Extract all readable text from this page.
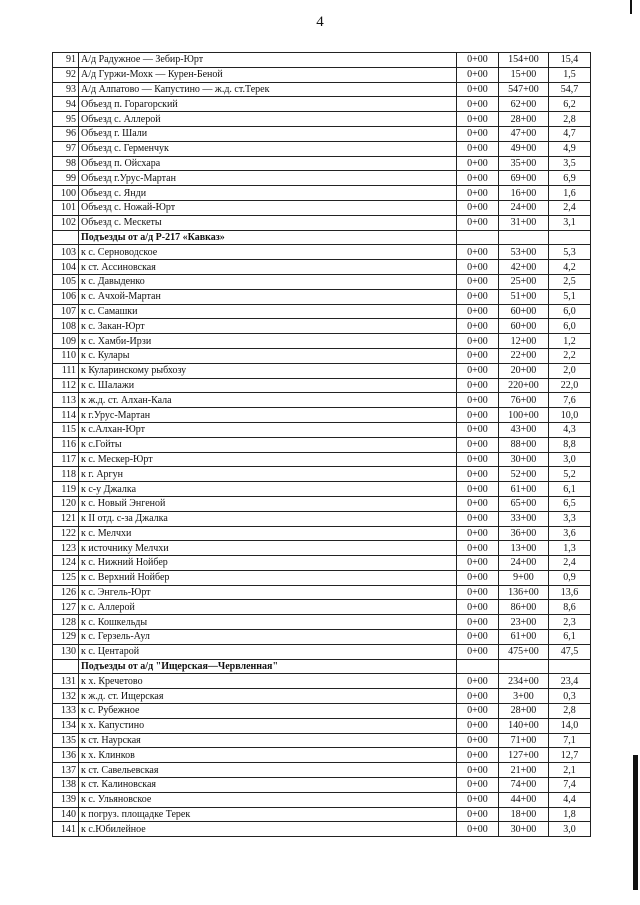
4
91	А/д Радужное — Зебир-Юрт	0+00	154+00	15,4
92	А/д Гуржи-Мохк — Курен-Беной	0+00	15+00	1,5
93	А/д Алпатово — Капустино — ж.д. ст.Терек	0+00	547+00	54,7
94	Объезд п. Горагорский	0+00	62+00	6,2
95	Объезд с. Аллерой	0+00	28+00	2,8
96	Объезд г. Шали	0+00	47+00	4,7
97	Объезд с. Герменчук	0+00	49+00	4,9
98	Объезд п. Ойсхара	0+00	35+00	3,5
99	Объезд г.Урус-Мартан	0+00	69+00	6,9
100	Объезд с. Янди	0+00	16+00	1,6
101	Объезд с. Ножай-Юрт	0+00	24+00	2,4
102	Объезд с. Мескеты	0+00	31+00	3,1
	Подъезды от а/д Р-217 «Кавказ»			
103	к с. Серноводское	0+00	53+00	5,3
104	к ст. Ассиновская	0+00	42+00	4,2
105	к с. Давыденко	0+00	25+00	2,5
106	к с. Ачхой-Мартан	0+00	51+00	5,1
107	к с. Самашки	0+00	60+00	6,0
108	к с. Закан-Юрт	0+00	60+00	6,0
109	к с. Хамби-Ирзи	0+00	12+00	1,2
110	к с. Кулары	0+00	22+00	2,2
111	к Куларинскому рыбхозу	0+00	20+00	2,0
112	к с. Шалажи	0+00	220+00	22,0
113	к ж.д. ст. Алхан-Кала	0+00	76+00	7,6
114	к г.Урус-Мартан	0+00	100+00	10,0
115	к с.Алхан-Юрт	0+00	43+00	4,3
116	к с.Гойты	0+00	88+00	8,8
117	к с. Мескер-Юрт	0+00	30+00	3,0
118	к г. Аргун	0+00	52+00	5,2
119	к с-у Джалка	0+00	61+00	6,1
120	к с. Новый Энгеной	0+00	65+00	6,5
121	к II отд. с-за Джалка	0+00	33+00	3,3
122	к с. Мелчхи	0+00	36+00	3,6
123	к источнику Мелчхи	0+00	13+00	1,3
124	к с. Нижний Нойбер	0+00	24+00	2,4
125	к с. Верхний Нойбер	0+00	9+00	0,9
126	к с. Энгель-Юрт	0+00	136+00	13,6
127	к с. Аллерой	0+00	86+00	8,6
128	к с. Кошкельды	0+00	23+00	2,3
129	к с. Герзель-Аул	0+00	61+00	6,1
130	к с. Центарой	0+00	475+00	47,5
	Подъезды от а/д "Ищерская—Червленная"			
131	к х. Кречетово	0+00	234+00	23,4
132	к ж.д. ст. Ищерская	0+00	3+00	0,3
133	к с. Рубежное	0+00	28+00	2,8
134	к х. Капустино	0+00	140+00	14,0
135	к ст. Наурская	0+00	71+00	7,1
136	к х. Клинков	0+00	127+00	12,7
137	к ст. Савельевская	0+00	21+00	2,1
138	к ст. Калиновская	0+00	74+00	7,4
139	к с. Ульяновское	0+00	44+00	4,4
140	к погруз. площадке Терек	0+00	18+00	1,8
141	к с.Юбилейное	0+00	30+00	3,0
